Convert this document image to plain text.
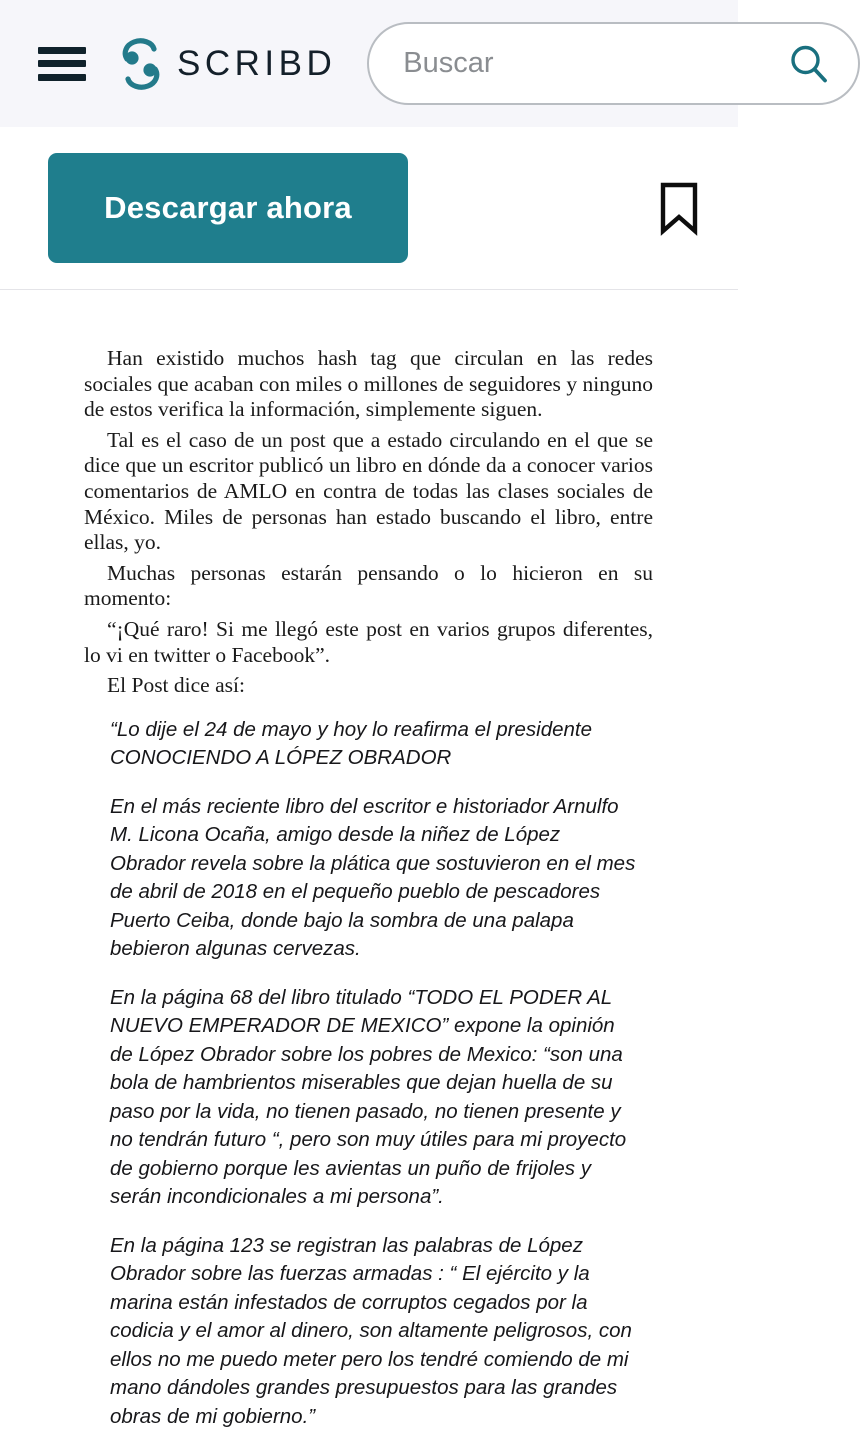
SCRIBD
Buscar
Descargar ahora

Han existido muchos hash tag que circulan en las redes sociales que acaban con miles o millones de seguidores y ninguno de estos verifica la información, simplemente siguen.

Tal es el caso de un post que a estado circulando en el que se dice que un escritor publicó un libro en dónde da a conocer varios comentarios de AMLO en contra de todas las clases sociales de México. Miles de personas han estado buscando el libro, entre ellas, yo.

Muchas personas estarán pensando o lo hicieron en su momento:

“¡Qué raro! Si me llegó este post en varios grupos diferentes, lo vi en twitter o Facebook”.

El Post dice así:

“Lo dije el 24 de mayo y hoy lo reafirma el presidente

CONOCIENDO A LÓPEZ OBRADOR

En el más reciente libro del escritor e historiador Arnulfo M. Licona Ocaña, amigo desde la niñez de López Obrador revela sobre la plática que sostuvieron en el mes de abril de 2018 en el pequeño pueblo de pescadores Puerto Ceiba, donde bajo la sombra de una palapa bebieron algunas cervezas.

En la página 68 del libro titulado “TODO EL PODER AL NUEVO EMPERADOR DE MEXICO” expone la opinión de López Obrador sobre los pobres de Mexico: “son una bola de hambrientos miserables que dejan huella de su paso por la vida, no tienen pasado, no tienen presente y no tendrán futuro “, pero son muy útiles para mi proyecto de gobierno porque les avientas un puño de frijoles y serán incondicionales a mi persona”.

En la página 123 se registran las palabras de López Obrador sobre las fuerzas armadas : “ El ejército y la marina están infestados de corruptos cegados por la codicia y el amor al dinero, son altamente peligrosos, con ellos no me puedo meter pero los tendré comiendo de mi mano dándoles grandes presupuestos para las grandes obras de mi gobierno.”
